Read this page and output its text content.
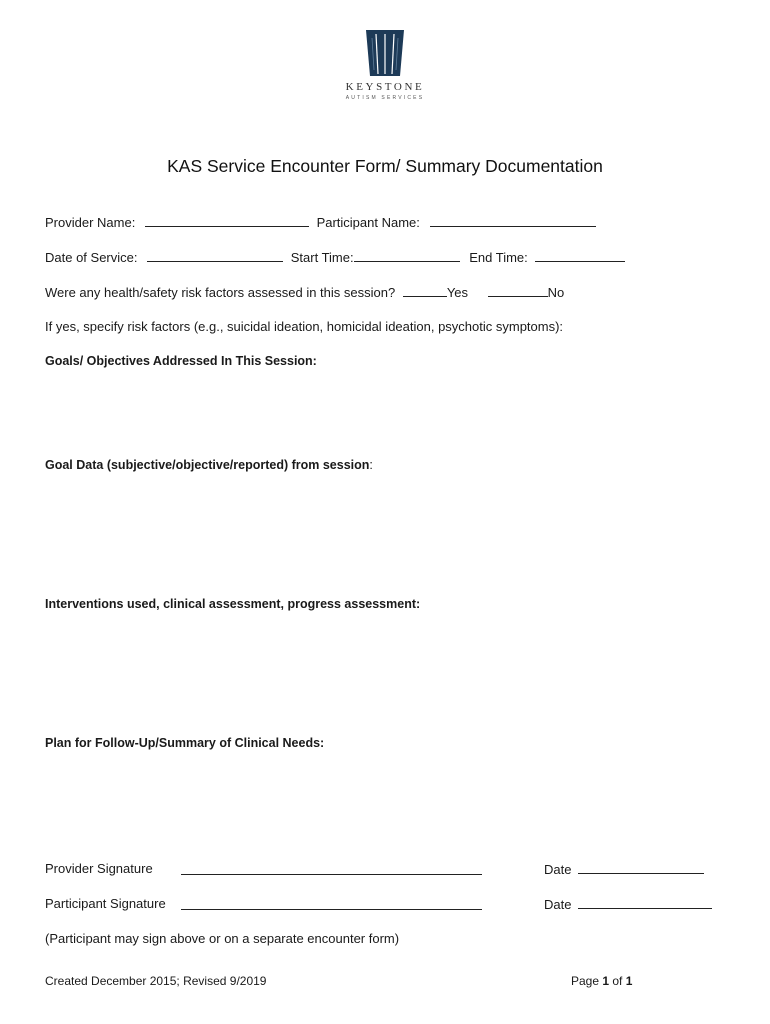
KEYSTONE
AUTISM SERVICES
KAS Service Encounter Form/ Summary Documentation
Provider Name:	Participant Name:
Date of Service:	Start Time:	End Time:
Were any health/safety risk factors assessed in this session?	Yes	No
If yes, specify risk factors (e.g., suicidal ideation, homicidal ideation, psychotic symptoms):
Goals/ Objectives Addressed In This Session:
Goal Data (subjective/objective/reported) from session:
Interventions used, clinical assessment, progress assessment:
Plan for Follow-Up/Summary of Clinical Needs:
Provider Signature	Date
Participant Signature	Date
(Participant may sign above or on a separate encounter form)
Created December 2015; Revised 9/2019	Page 1 of 1
